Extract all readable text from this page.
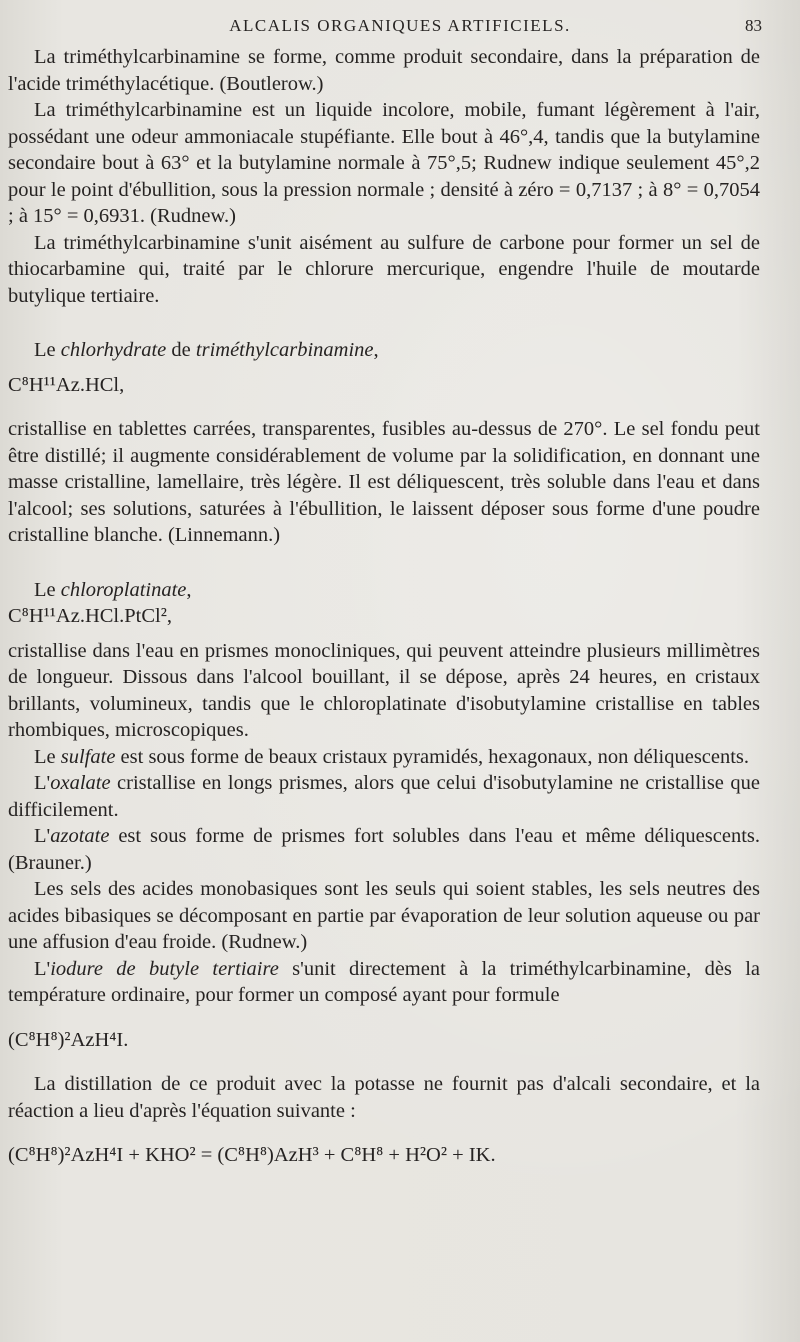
ALCALIS ORGANIQUES ARTIFICIELS.	83

La triméthylcarbinamine se forme, comme produit secondaire, dans la préparation de l'acide triméthylacétique. (Boutlerow.)

La triméthylcarbinamine est un liquide incolore, mobile, fumant légèrement à l'air, possédant une odeur ammoniacale stupéfiante. Elle bout à 46°,4, tandis que la butylamine secondaire bout à 63° et la butylamine normale à 75°,5; Rudnew indique seulement 45°,2 pour le point d'ébullition, sous la pression normale ; densité à zéro = 0,7137 ; à 8° = 0,7054 ; à 15° = 0,6931. (Rudnew.)

La triméthylcarbinamine s'unit aisément au sulfure de carbone pour former un sel de thiocarbamine qui, traité par le chlorure mercurique, engendre l'huile de moutarde butylique tertiaire.

Le chlorhydrate de triméthylcarbinamine,

C⁸H¹¹Az.HCl,

cristallise en tablettes carrées, transparentes, fusibles au-dessus de 270°. Le sel fondu peut être distillé; il augmente considérablement de volume par la solidification, en donnant une masse cristalline, lamellaire, très légère. Il est déliquescent, très soluble dans l'eau et dans l'alcool; ses solutions, saturées à l'ébullition, le laissent déposer sous forme d'une poudre cristalline blanche. (Linnemann.)

Le chloroplatinate,

C⁸H¹¹Az.HCl.PtCl²,

cristallise dans l'eau en prismes monocliniques, qui peuvent atteindre plusieurs millimètres de longueur. Dissous dans l'alcool bouillant, il se dépose, après 24 heures, en cristaux brillants, volumineux, tandis que le chloroplatinate d'isobutylamine cristallise en tables rhombiques, microscopiques.

Le sulfate est sous forme de beaux cristaux pyramidés, hexagonaux, non déliquescents.

L'oxalate cristallise en longs prismes, alors que celui d'isobutylamine ne cristallise que difficilement.

L'azotate est sous forme de prismes fort solubles dans l'eau et même déliquescents. (Brauner.)

Les sels des acides monobasiques sont les seuls qui soient stables, les sels neutres des acides bibasiques se décomposant en partie par évaporation de leur solution aqueuse ou par une affusion d'eau froide. (Rudnew.)

L'iodure de butyle tertiaire s'unit directement à la triméthylcarbinamine, dès la température ordinaire, pour former un composé ayant pour formule

(C⁸H⁸)²AzH⁴I.

La distillation de ce produit avec la potasse ne fournit pas d'alcali secondaire, et la réaction a lieu d'après l'équation suivante :

(C⁸H⁸)²AzH⁴I + KHO² = (C⁸H⁸)AzH³ + C⁸H⁸ + H²O² + IK.
